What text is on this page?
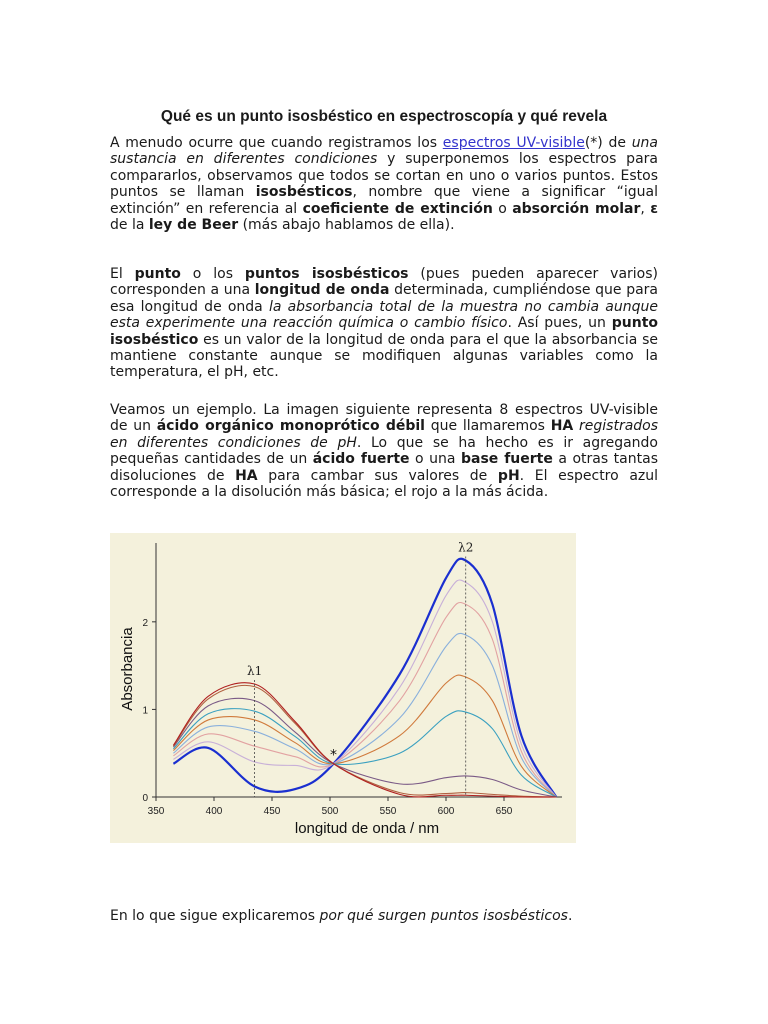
Qué es un punto isosbéstico en espectroscopía y qué revela

A menudo ocurre que cuando registramos los espectros UV-visible(*) de una sustancia en diferentes condiciones y superponemos los espectros para compararlos, observamos que todos se cortan en uno o varios puntos. Estos puntos se llaman isosbésticos, nombre que viene a significar “igual extinción” en referencia al coeficiente de extinción o absorción molar, ε de la ley de Beer (más abajo hablamos de ella).

El punto o los puntos isosbésticos (pues pueden aparecer varios) corresponden a una longitud de onda determinada, cumpliéndose que para esa longitud de onda la absorbancia total de la muestra no cambia aunque esta experimente una reacción química o cambio físico. Así pues, un punto isosbéstico es un valor de la longitud de onda para el que la absorbancia se mantiene constante aunque se modifiquen algunas variables como la temperatura, el pH, etc.

Veamos un ejemplo. La imagen siguiente representa 8 espectros UV-visible de un ácido orgánico monoprótico débil que llamaremos HA registrados en diferentes condiciones de pH. Lo que se ha hecho es ir agregando pequeñas cantidades de un ácido fuerte o una base fuerte a otras tantas disoluciones de HA para cambar sus valores de pH. El espectro azul corresponde a la disolución más básica; el rojo a la más ácida.

350	400	450	500	550	600	650
0
1
2
λ1
λ2
*
Absorbancia
longitud de onda / nm

En lo que sigue explicaremos por qué surgen puntos isosbésticos.
